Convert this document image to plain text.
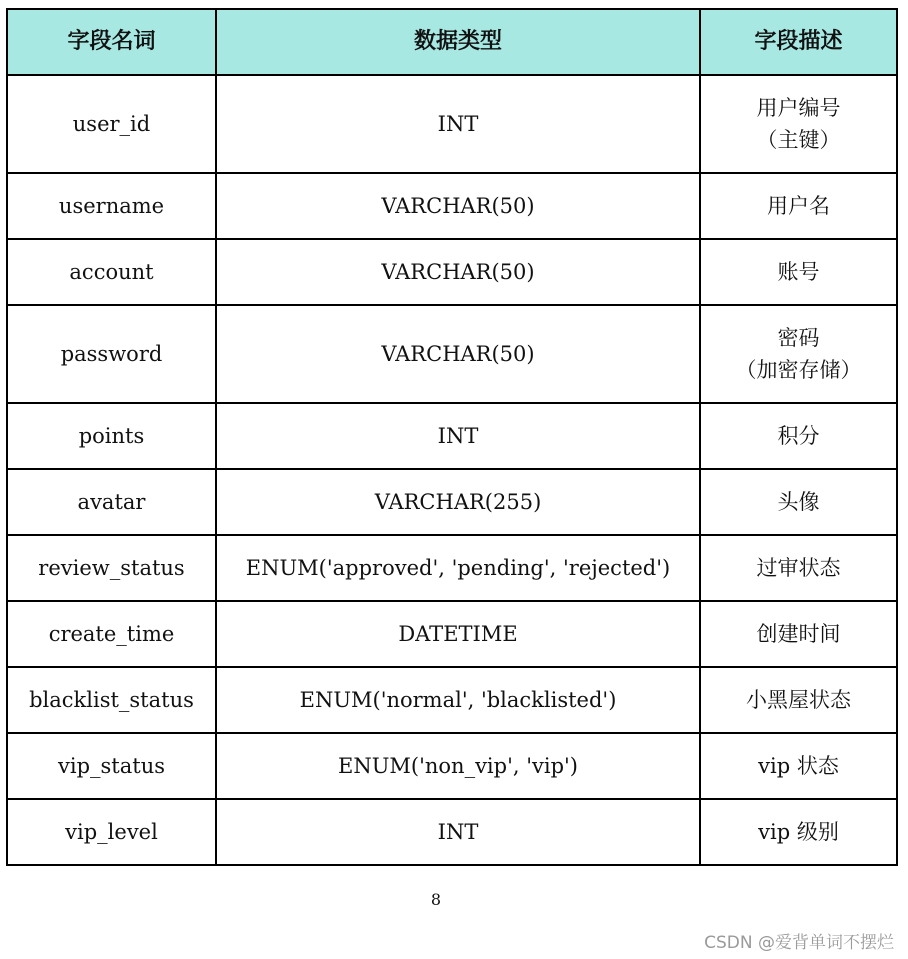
字段名词	数据类型	字段描述
user_id	INT	用户编号
（主键）

username	VARCHAR(50)	用户名
account	VARCHAR(50)	账号
password	VARCHAR(50)	密码
（加密存储）

points	INT	积分
avatar	VARCHAR(255)	头像
review_status	ENUM('approved', 'pending', 'rejected')	过审状态
create_time	DATETIME	创建时间
blacklist_status	ENUM('normal', 'blacklisted')	小黑屋状态
vip_status	ENUM('non_vip', 'vip')	vip 状态
vip_level	INT	vip 级别
8
CSDN @爱背单词不摆烂
